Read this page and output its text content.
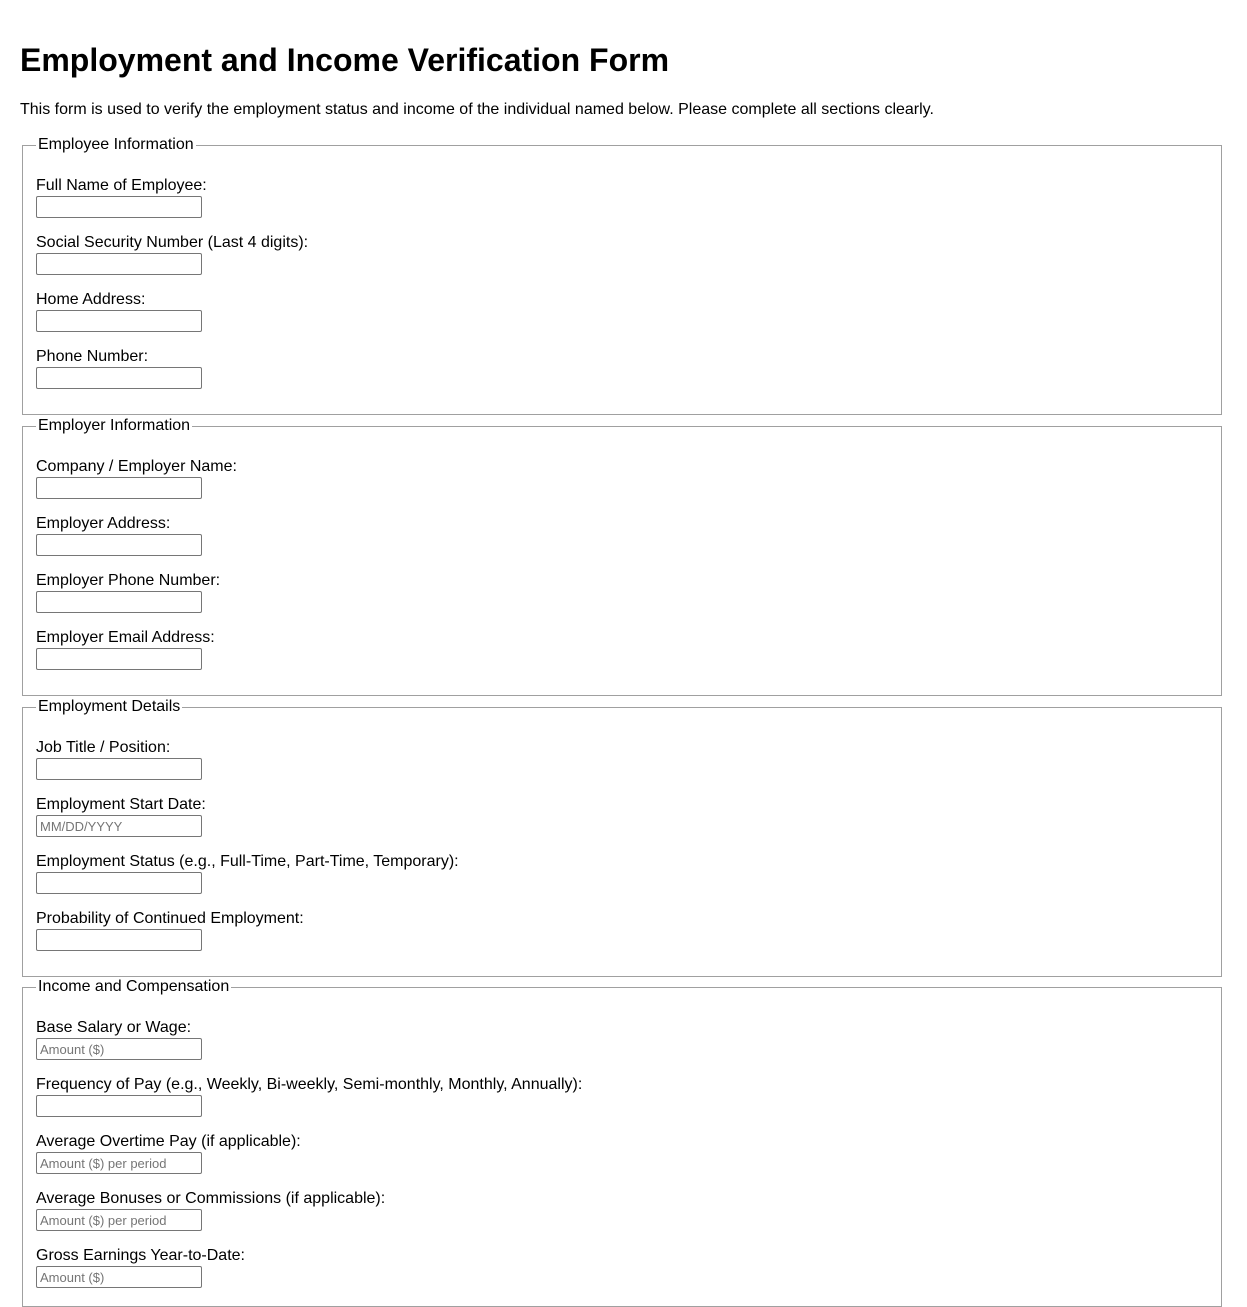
Employment and Income Verification Form

This form is used to verify the employment status and income of the individual named below. Please complete all sections clearly.

Employee Information
Full Name of Employee:
Social Security Number (Last 4 digits):
Home Address:
Phone Number:
Employer Information
Company / Employer Name:
Employer Address:
Employer Phone Number:
Employer Email Address:
Employment Details
Job Title / Position:
Employment Start Date:
MM/DD/YYYY
Employment Status (e.g., Full-Time, Part-Time, Temporary):
Probability of Continued Employment:
Income and Compensation
Base Salary or Wage:
Amount ($)
Frequency of Pay (e.g., Weekly, Bi-weekly, Semi-monthly, Monthly, Annually):
Average Overtime Pay (if applicable):
Amount ($) per period
Average Bonuses or Commissions (if applicable):
Amount ($) per period
Gross Earnings Year-to-Date:
Amount ($)
